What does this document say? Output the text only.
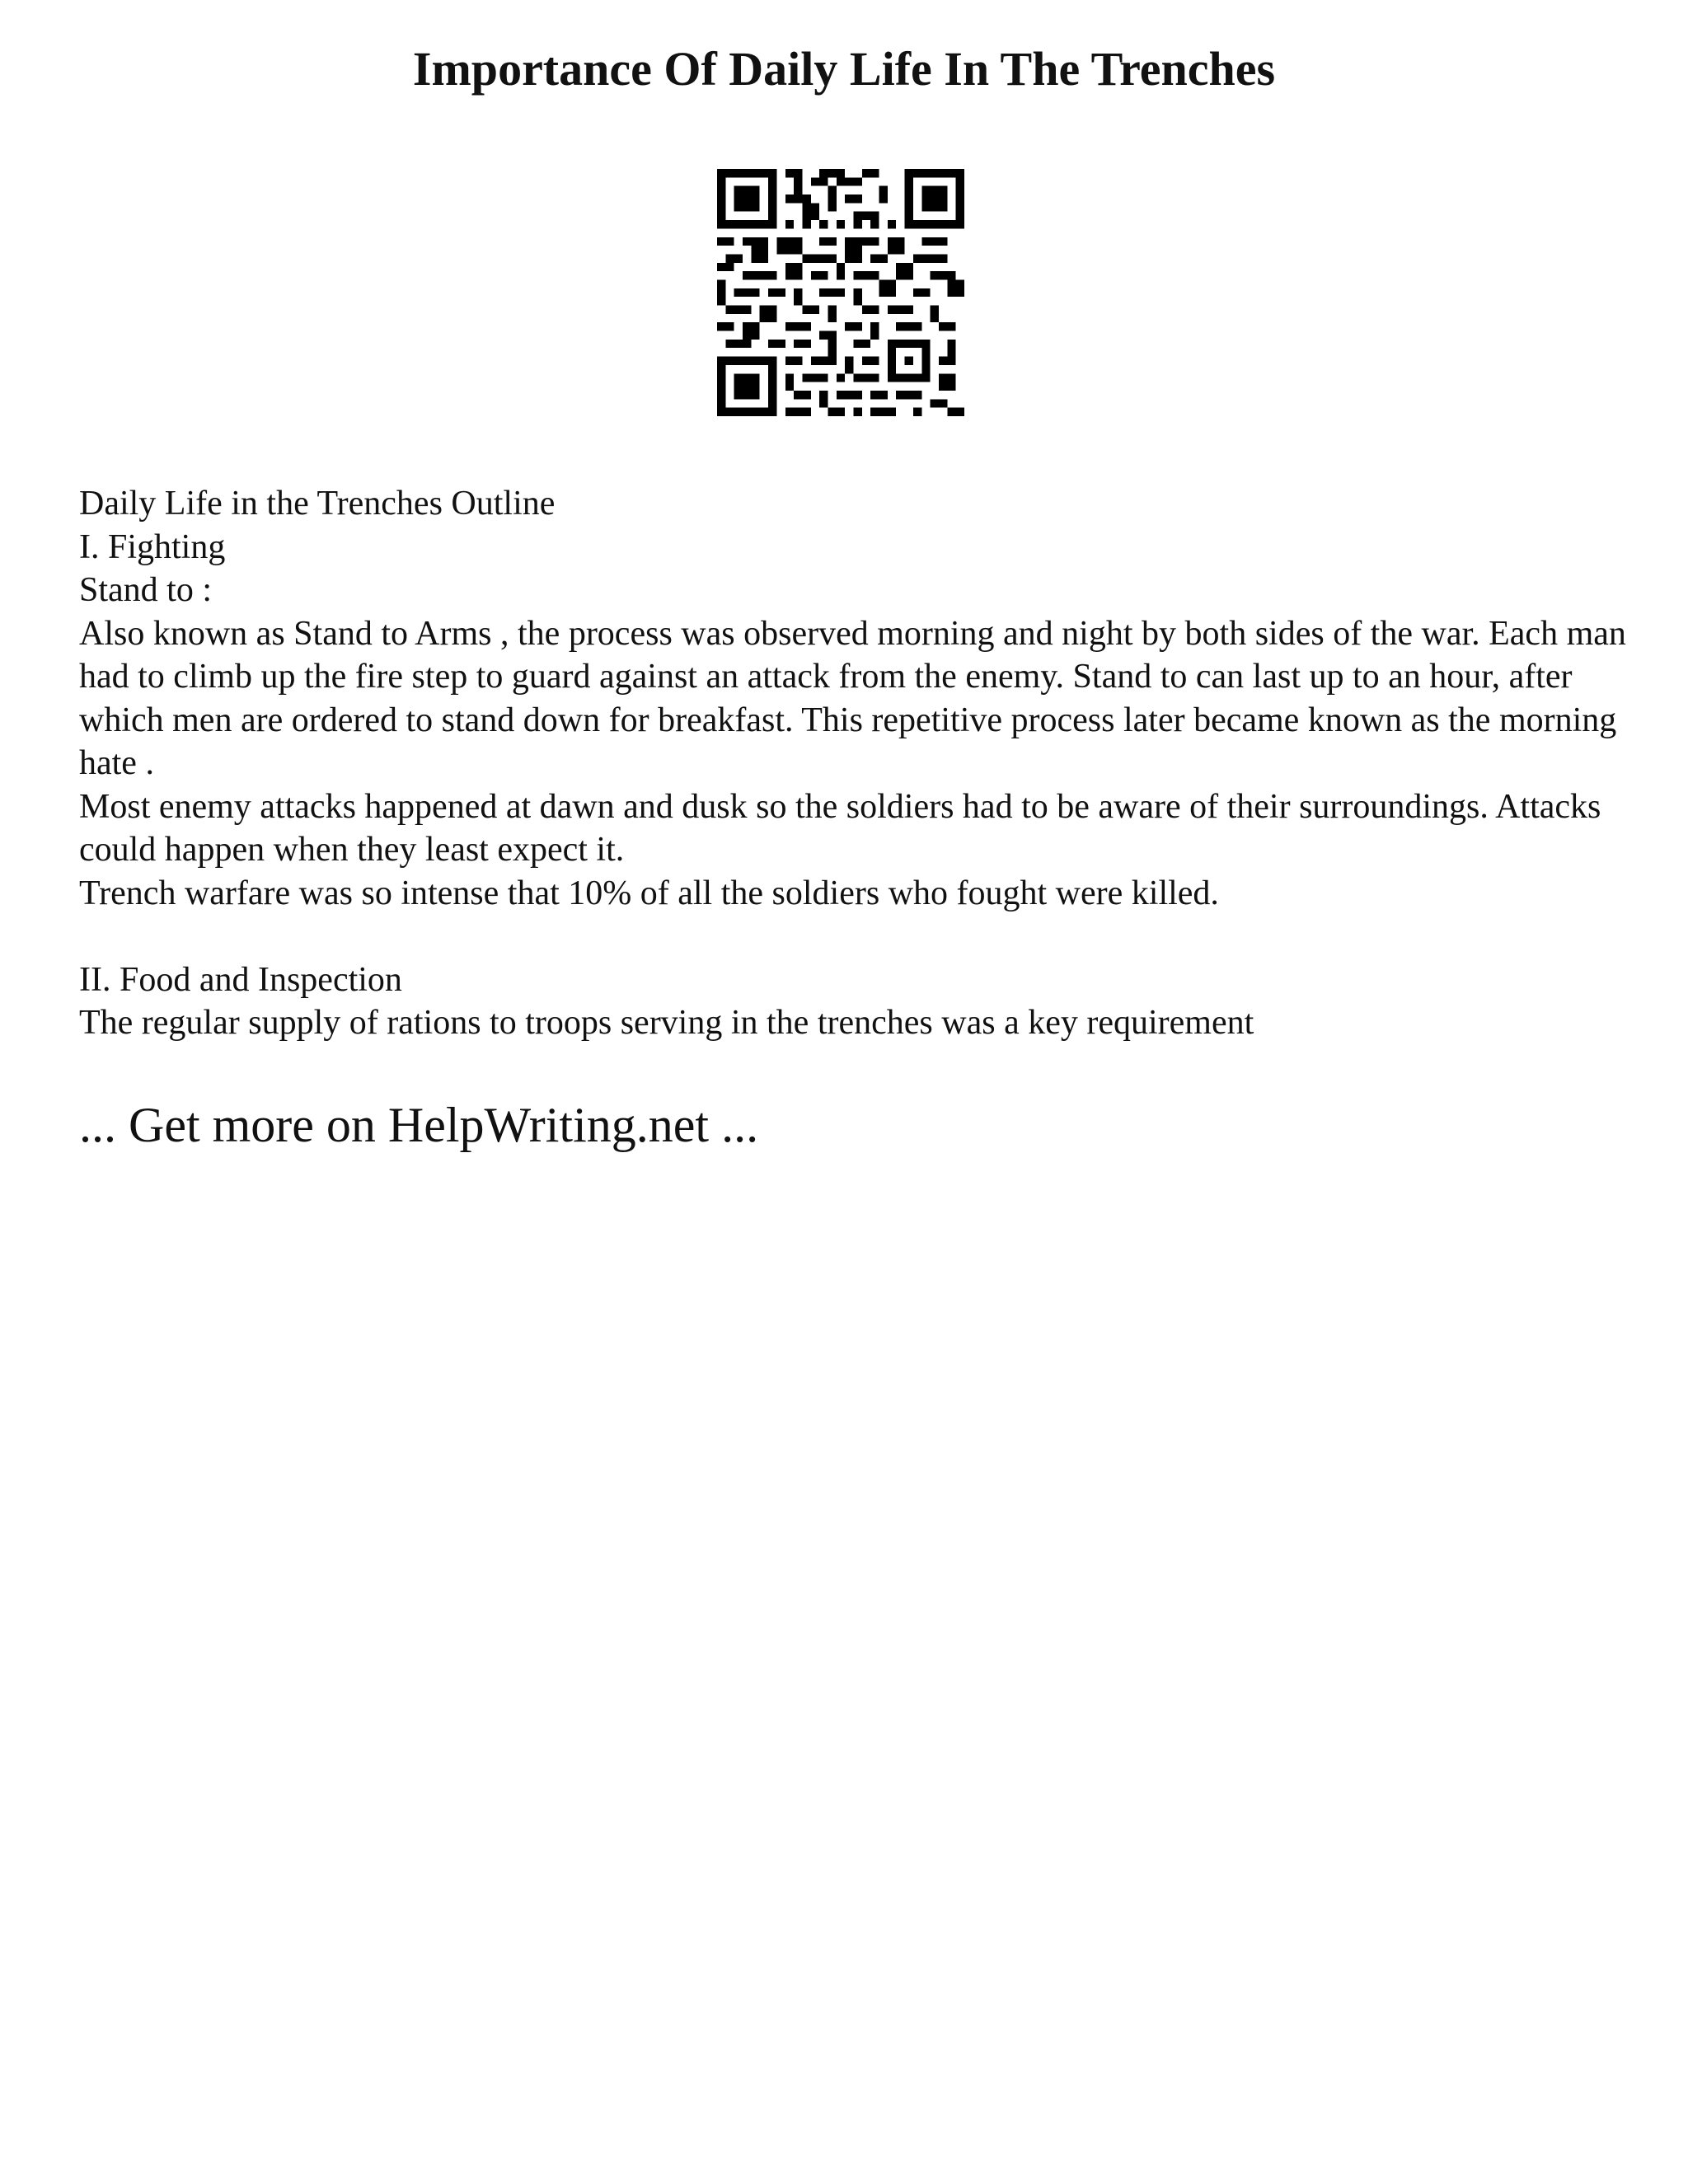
Importance Of Daily Life In The Trenches

Daily Life in the Trenches Outline

I. Fighting

Stand to :

Also known as Stand to Arms , the process was observed morning and night by both sides of the war. Each man had to climb up the fire step to guard against an attack from the enemy. Stand to can last up to an hour, after which men are ordered to stand down for breakfast. This repetitive process later became known as the morning hate .

Most enemy attacks happened at dawn and dusk so the soldiers had to be aware of their surroundings. Attacks could happen when they least expect it.

Trench warfare was so intense that 10% of all the soldiers who fought were killed.

II. Food and Inspection

The regular supply of rations to troops serving in the trenches was a key requirement

... Get more on HelpWriting.net ...
